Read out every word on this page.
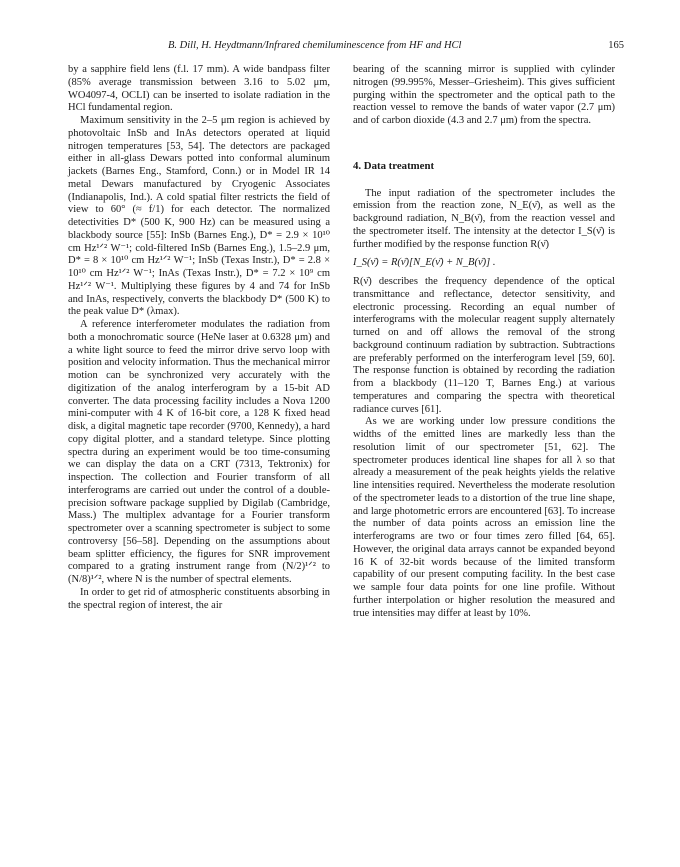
B. Dill, H. Heydtmann/Infrared chemiluminescence from HF and HCl	165

by a sapphire field lens (f.l. 17 mm). A wide bandpass filter (85% average transmission between 3.16 to 5.02 μm, WO4097-4, OCLI) can be inserted to isolate radiation in the HCl fundamental region.

Maximum sensitivity in the 2–5 μm region is achieved by photovoltaic InSb and InAs detectors operated at liquid nitrogen temperatures [53, 54]. The detectors are packaged either in all-glass Dewars potted into conformal aluminum jackets (Barnes Eng., Stamford, Conn.) or in Model IR 14 metal Dewars manufactured by Cryogenic Associates (Indianapolis, Ind.). A cold spatial filter restricts the field of view to 60° (≈ f/1) for each detector. The normalized detectivities D* (500 K, 900 Hz) can be measured using a blackbody source [55]: InSb (Barnes Eng.), D* = 2.9 × 10¹⁰ cm Hz¹ᐟ² W⁻¹; cold-filtered InSb (Barnes Eng.), 1.5–2.9 μm, D* = 8 × 10¹⁰ cm Hz¹ᐟ² W⁻¹; InSb (Texas Instr.), D* = 2.8 × 10¹⁰ cm Hz¹ᐟ² W⁻¹; InAs (Texas Instr.), D* = 7.2 × 10⁹ cm Hz¹ᐟ² W⁻¹. Multiplying these figures by 4 and 74 for InSb and InAs, respectively, converts the blackbody D* (500 K) to the peak value D* (λmax).

A reference interferometer modulates the radiation from both a monochromatic source (HeNe laser at 0.6328 μm) and a white light source to feed the mirror drive servo loop with position and velocity information. Thus the mechanical mirror motion can be synchronized very accurately with the digitization of the analog interferogram by a 15-bit AD converter. The data processing facility includes a Nova 1200 mini-computer with 4 K of 16-bit core, a 128 K fixed head disk, a digital magnetic tape recorder (9700, Kennedy), a hard copy digital plotter, and a standard teletype. Since plotting spectra during an experiment would be too time-consuming we can display the data on a CRT (7313, Tektronix) for inspection. The collection and Fourier transform of all interferograms are carried out under the control of a double-precision software package supplied by Digilab (Cambridge, Mass.) The multiplex advantage for a Fourier transform spectrometer over a scanning spectrometer is subject to some controversy [56–58]. Depending on the assumptions about beam splitter efficiency, the figures for SNR improvement compared to a grating instrument range from (N/2)¹ᐟ² to (N/8)¹ᐟ², where N is the number of spectral elements.

In order to get rid of atmospheric constituents absorbing in the spectral region of interest, the air

bearing of the scanning mirror is supplied with cylinder nitrogen (99.995%, Messer–Griesheim). This gives sufficient purging within the spectrometer and the optical path to the reaction vessel to remove the bands of water vapor (2.7 μm) and of carbon dioxide (4.3 and 2.7 μm) from the spectra.

4. Data treatment

The input radiation of the spectrometer includes the emission from the reaction zone, N_E(ν̄), as well as the background radiation, N_B(ν̄), from the reaction vessel and the spectrometer itself. The intensity at the detector I_S(ν̄) is further modified by the response function R(ν̄)

I_S(ν̄) = R(ν̄)[N_E(ν̄) + N_B(ν̄)] .

R(ν̄) describes the frequency dependence of the optical transmittance and reflectance, detector sensitivity, and electronic processing. Recording an equal number of interferograms with the molecular reagent supply alternately turned on and off allows the removal of the strong background continuum radiation by subtraction. Subtractions are preferably performed on the interferogram level [59, 60]. The response function is obtained by recording the radiation from a blackbody (11–120 T, Barnes Eng.) at various temperatures and comparing the spectra with theoretical radiance curves [61].

As we are working under low pressure conditions the widths of the emitted lines are markedly less than the resolution limit of our spectrometer [51, 62]. The spectrometer produces identical line shapes for all λ so that already a measurement of the peak heights yields the relative line intensities required. Nevertheless the moderate resolution of the spectrometer leads to a distortion of the true line shape, and large photometric errors are encountered [63]. To increase the number of data points across an emission line the interferograms are two or four times zero filled [64, 65]. However, the original data arrays cannot be expanded beyond 16 K of 32-bit words because of the limited transform capability of our present computing facility. In the best case we sample four data points for one line profile. Without further interpolation or higher resolution the measured and true intensities may differ at least by 10%.
